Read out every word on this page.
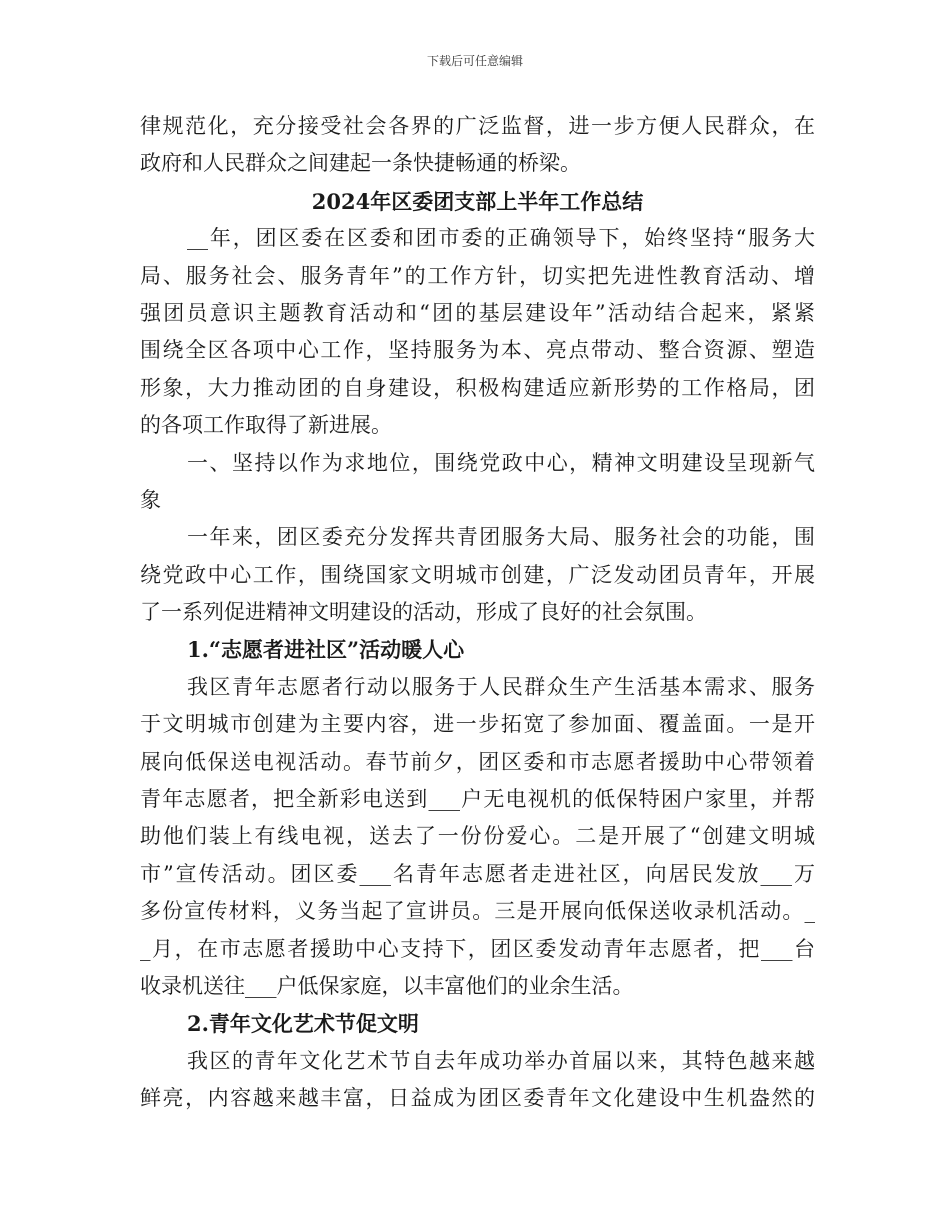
下载后可任意编辑
律规范化，充分接受社会各界的广泛监督，进一步方便人民群众，在
政府和人民群众之间建起一条快捷畅通的桥梁。
2024年区委团支部上半年工作总结
__年，团区委在区委和团市委的正确领导下，始终坚持“服务大
局、服务社会、服务青年”的工作方针，切实把先进性教育活动、增
强团员意识主题教育活动和“团的基层建设年”活动结合起来，紧紧
围绕全区各项中心工作，坚持服务为本、亮点带动、整合资源、塑造
形象，大力推动团的自身建设，积极构建适应新形势的工作格局，团
的各项工作取得了新进展。
一、坚持以作为求地位，围绕党政中心，精神文明建设呈现新气
象
一年来，团区委充分发挥共青团服务大局、服务社会的功能，围
绕党政中心工作，围绕国家文明城市创建，广泛发动团员青年，开展
了一系列促进精神文明建设的活动，形成了良好的社会氛围。
1.“志愿者进社区”活动暖人心
我区青年志愿者行动以服务于人民群众生产生活基本需求、服务
于文明城市创建为主要内容，进一步拓宽了参加面、覆盖面。一是开
展向低保送电视活动。春节前夕，团区委和市志愿者援助中心带领着
青年志愿者，把全新彩电送到___户无电视机的低保特困户家里，并帮
助他们装上有线电视，送去了一份份爱心。二是开展了“创建文明城
市”宣传活动。团区委___名青年志愿者走进社区，向居民发放___万
多份宣传材料，义务当起了宣讲员。三是开展向低保送收录机活动。_
_月，在市志愿者援助中心支持下，团区委发动青年志愿者，把___台
收录机送往___户低保家庭，以丰富他们的业余生活。
2.青年文化艺术节促文明
我区的青年文化艺术节自去年成功举办首届以来，其特色越来越
鲜亮，内容越来越丰富，日益成为团区委青年文化建设中生机盎然的
